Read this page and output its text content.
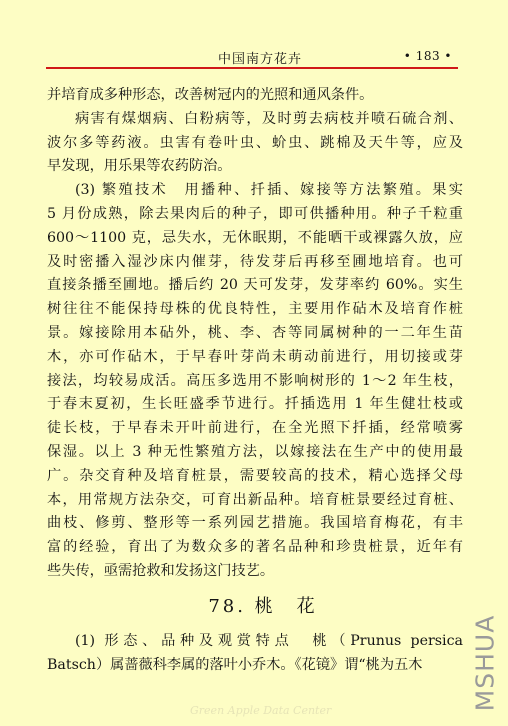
中国南方花卉	• 183 •
并培育成多种形态，改善树冠内的光照和通风条件。
病害有煤烟病、白粉病等，及时剪去病枝并喷石硫合剂、
波尔多等药液。虫害有卷叶虫、蚧虫、跳棉及天牛等，应及
早发现，用乐果等农药防治。
(3) 繁殖技术　用播种、扦插、嫁接等方法繁殖。果实
5 月份成熟，除去果肉后的种子，即可供播种用。种子千粒重
600～1100 克，忌失水，无休眠期，不能晒干或裸露久放，应
及时密播入湿沙床内催芽，待发芽后再移至圃地培育。也可
直接条播至圃地。播后约 20 天可发芽，发芽率约 60%。实生
树往往不能保持母株的优良特性，主要用作砧木及培育作桩
景。嫁接除用本砧外，桃、李、杏等同属树种的一二年生苗
木，亦可作砧木，于早春叶芽尚未萌动前进行，用切接或芽
接法，均较易成活。高压多选用不影响树形的 1～2 年生枝，
于春末夏初，生长旺盛季节进行。扦插选用 1 年生健壮枝或
徒长枝，于早春未开叶前进行，在全光照下扦插，经常喷雾
保湿。以上 3 种无性繁殖方法，以嫁接法在生产中的使用最
广。杂交育种及培育桩景，需要较高的技术，精心选择父母
本，用常规方法杂交，可育出新品种。培育桩景要经过育桩、
曲枝、修剪、整形等一系列园艺措施。我国培育梅花，有丰
富的经验，育出了为数众多的著名品种和珍贵桩景，近年有
些失传，亟需抢救和发扬这门技艺。
78. 桃　花
(1) 形态、品种及观赏特点　桃（Prunus persica
Batsch）属蔷薇科李属的落叶小乔木。《花镜》谓“桃为五木
Green Apple Data Center	MSHUA
